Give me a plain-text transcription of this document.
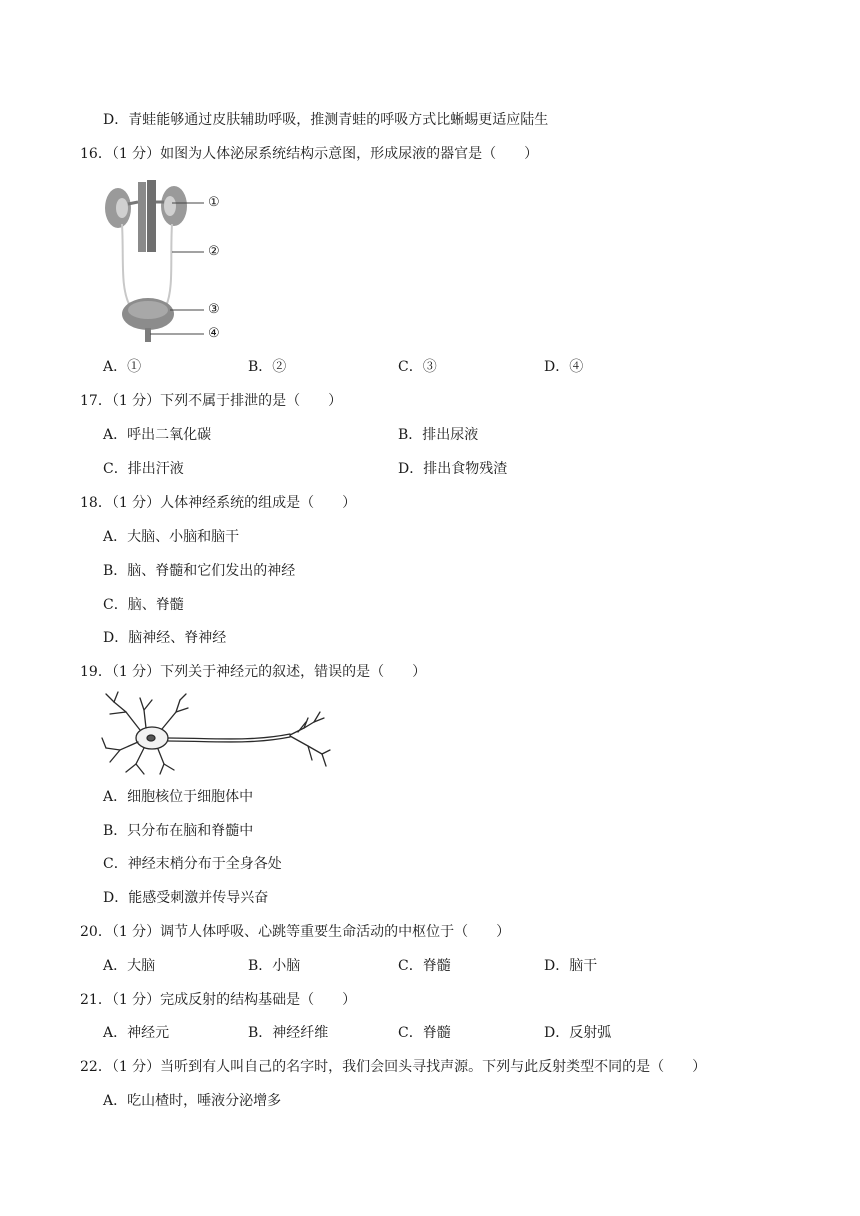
D．青蛙能够通过皮肤辅助呼吸，推测青蛙的呼吸方式比蜥蜴更适应陆生
16．（1 分）如图为人体泌尿系统结构示意图，形成尿液的器官是（　　）
①
②
③
④
A．①	B．②	C．③	D．④
17．（1 分）下列不属于排泄的是（　　）
A．呼出二氧化碳	B．排出尿液
C．排出汗液	D．排出食物残渣
18．（1 分）人体神经系统的组成是（　　）
A．大脑、小脑和脑干
B．脑、脊髓和它们发出的神经
C．脑、脊髓
D．脑神经、脊神经
19．（1 分）下列关于神经元的叙述，错误的是（　　）
A．细胞核位于细胞体中
B．只分布在脑和脊髓中
C．神经末梢分布于全身各处
D．能感受刺激并传导兴奋
20．（1 分）调节人体呼吸、心跳等重要生命活动的中枢位于（　　）
A．大脑	B．小脑	C．脊髓	D．脑干
21．（1 分）完成反射的结构基础是（　　）
A．神经元	B．神经纤维	C．脊髓	D．反射弧
22．（1 分）当听到有人叫自己的名字时，我们会回头寻找声源。下列与此反射类型不同的是（　　）
A．吃山楂时，唾液分泌增多
